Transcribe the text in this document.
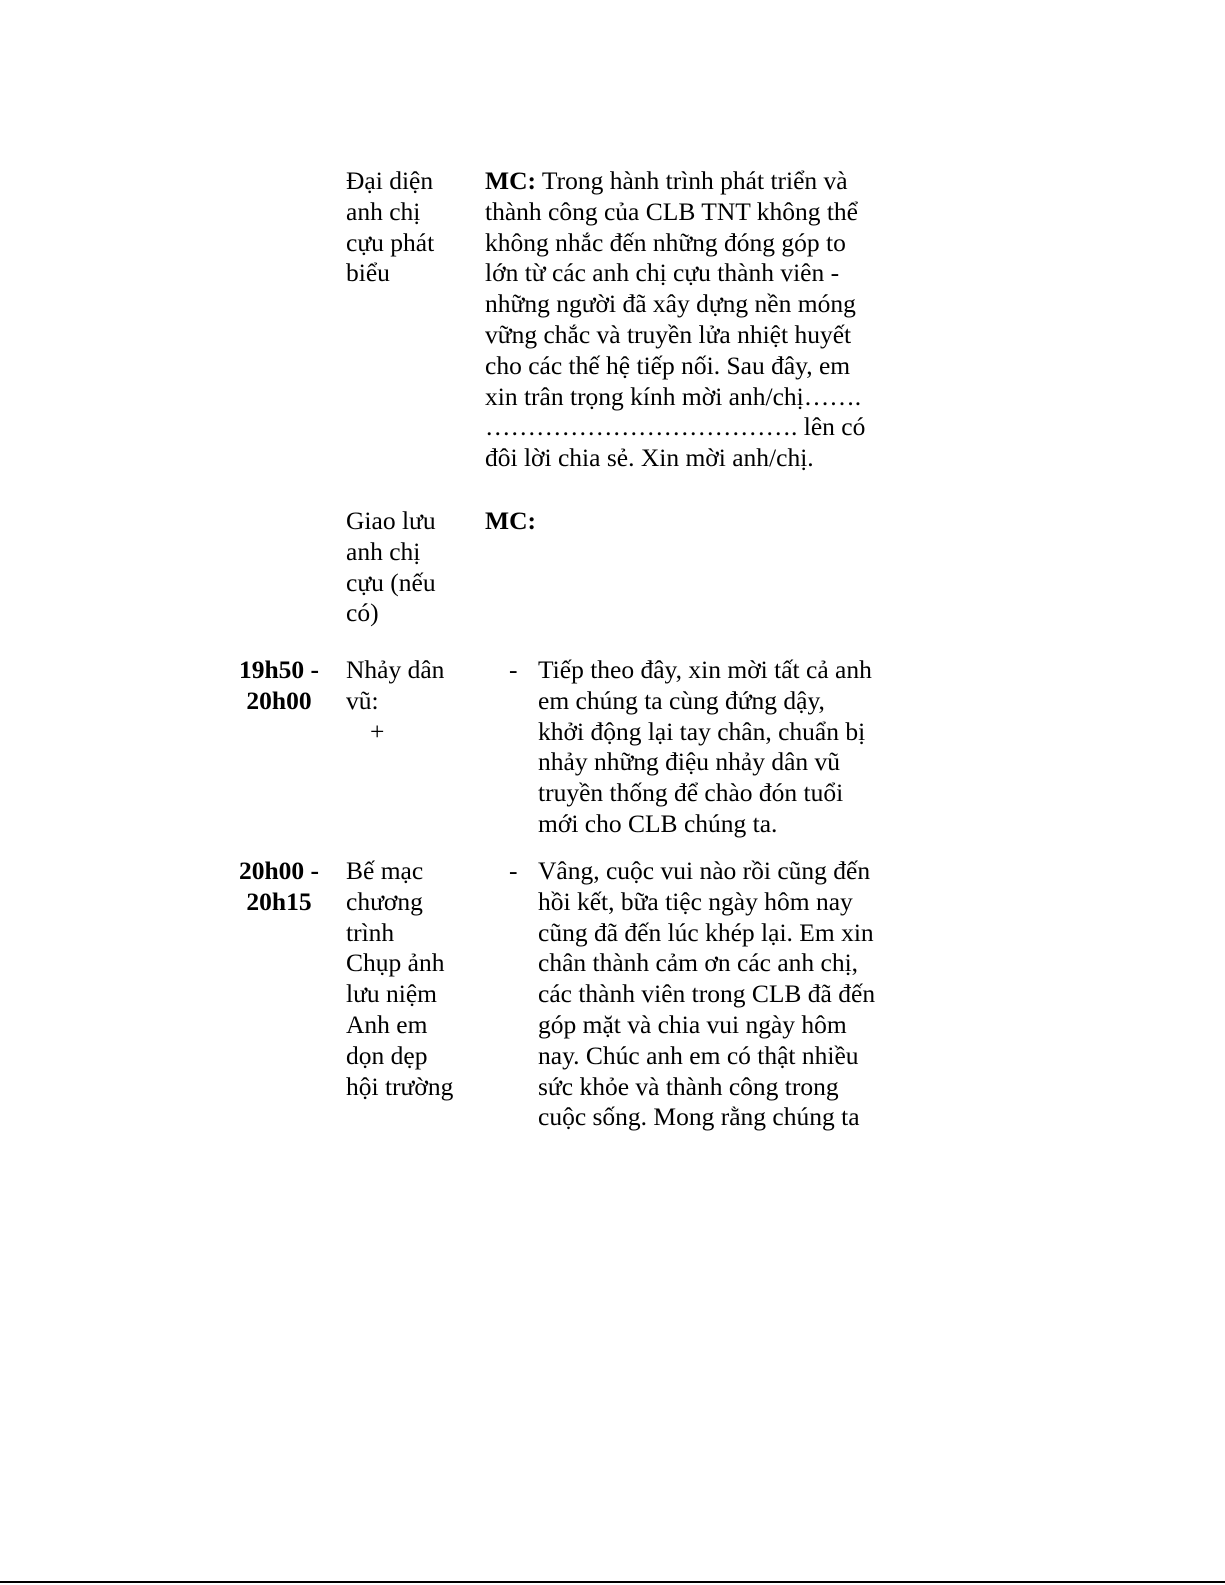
Đại diện
anh chị
cựu phát
biểu
MC: Trong hành trình phát triển và
thành công của CLB TNT không thể
không nhắc đến những đóng góp to
lớn từ các anh chị cựu thành viên -
những người đã xây dựng nền móng
vững chắc và truyền lửa nhiệt huyết
cho các thế hệ tiếp nối. Sau đây, em
xin trân trọng kính mời anh/chị…….
………………………………. lên có
đôi lời chia sẻ. Xin mời anh/chị.
Giao lưu
anh chị
cựu (nếu
có)
MC:
19h50 -
20h00
Nhảy dân
vũ:
+
- Tiếp theo đây, xin mời tất cả anh
em chúng ta cùng đứng dậy,
khởi động lại tay chân, chuẩn bị
nhảy những điệu nhảy dân vũ
truyền thống để chào đón tuổi
mới cho CLB chúng ta.
20h00 -
20h15
Bế mạc
chương
trình
Chụp ảnh
lưu niệm
Anh em
dọn dẹp
hội trường
- Vâng, cuộc vui nào rồi cũng đến
hồi kết, bữa tiệc ngày hôm nay
cũng đã đến lúc khép lại. Em xin
chân thành cảm ơn các anh chị,
các thành viên trong CLB đã đến
góp mặt và chia vui ngày hôm
nay. Chúc anh em có thật nhiều
sức khỏe và thành công trong
cuộc sống. Mong rằng chúng ta
